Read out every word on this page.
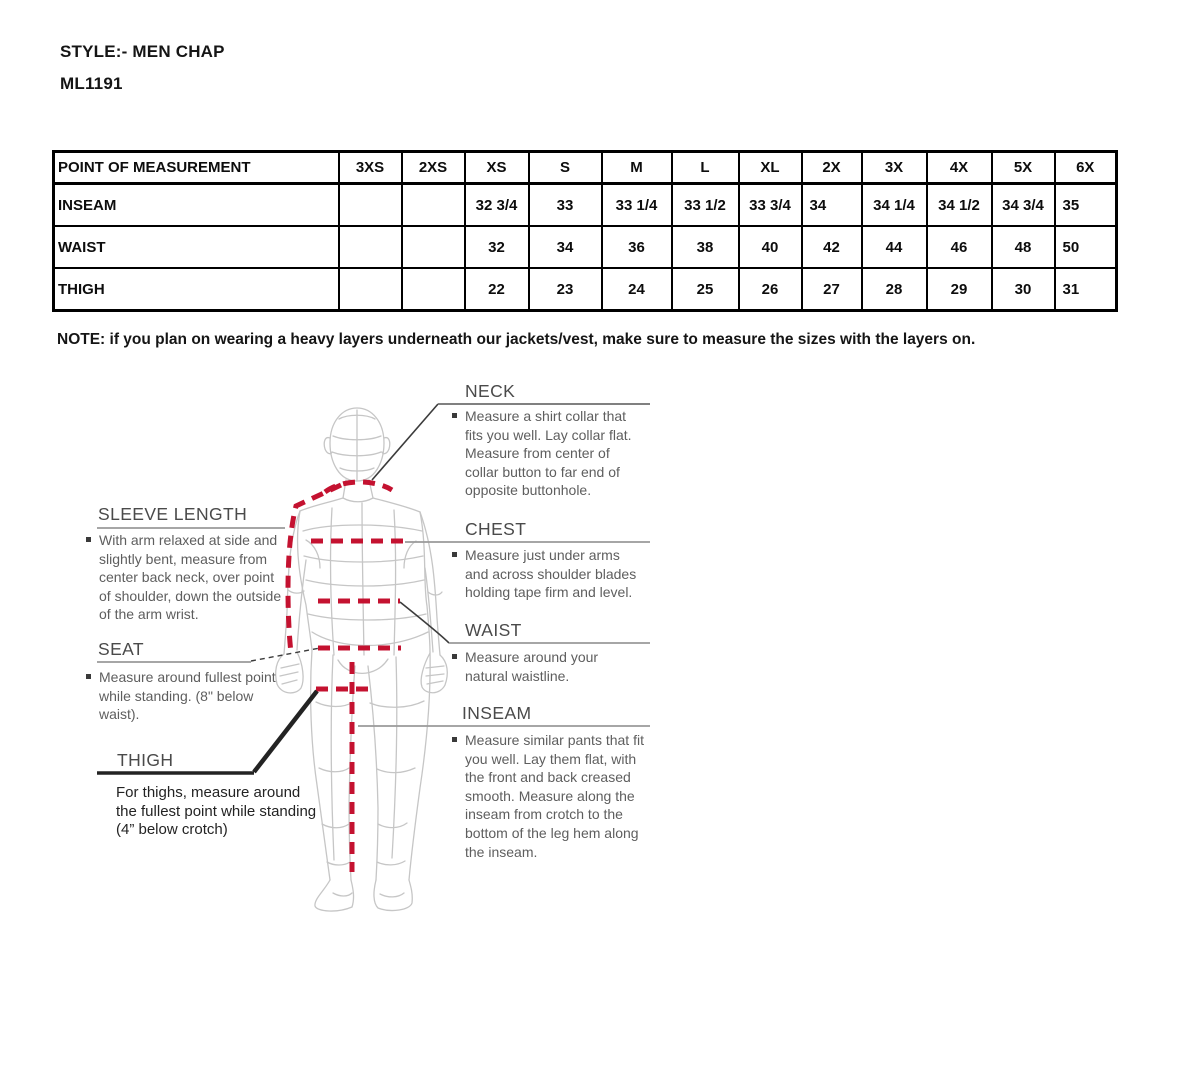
STYLE:- MEN CHAP
ML1191
POINT OF MEASUREMENT	3XS	2XS	XS	S	M	L	XL	2X	3X	4X	5X	6X
INSEAM			32 3/4	33	33 1/4	33 1/2	33 3/4	34	34 1/4	34 1/2	34 3/4	35
WAIST			32	34	36	38	40	42	44	46	48	50
THIGH			22	23	24	25	26	27	28	29	30	31
NOTE: if you plan on wearing a heavy layers underneath our jackets/vest, make sure to measure the sizes with the layers on.
NECK
Measure a shirt collar that fits you well. Lay collar flat. Measure from center of collar button to far end of opposite buttonhole.
CHEST
Measure just under arms and across shoulder blades holding tape firm and level.
WAIST
Measure around your natural waistline.
INSEAM
Measure similar pants that fit you well. Lay them flat, with the front and back creased smooth. Measure along the inseam from crotch to the bottom of the leg hem along the inseam.
SLEEVE LENGTH
With arm relaxed at side and slightly bent, measure from center back neck, over point of shoulder, down the outside of the arm wrist.
SEAT
Measure around fullest point while standing. (8" below waist).
THIGH
For thighs, measure around the fullest point while standing (4” below crotch)
